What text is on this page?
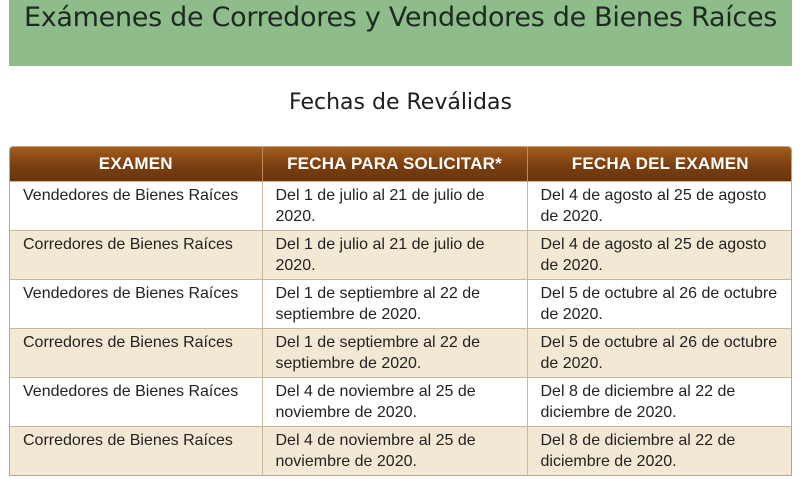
Exámenes de Corredores y Vendedores de Bienes Raíces
Fechas de Reválidas
EXAMEN	FECHA PARA SOLICITAR*	FECHA DEL EXAMEN
Vendedores de Bienes Raíces	Del 1 de julio al 21 de julio de 2020.	Del 4 de agosto al 25 de agosto de 2020.
Corredores de Bienes Raíces	Del 1 de julio al 21 de julio de 2020.	Del 4 de agosto al 25 de agosto de 2020.
Vendedores de Bienes Raíces	Del 1 de septiembre al 22 de septiembre de 2020.	Del 5 de octubre al 26 de octubre de 2020.
Corredores de Bienes Raíces	Del 1 de septiembre al 22 de septiembre de 2020.	Del 5 de octubre al 26 de octubre de 2020.
Vendedores de Bienes Raíces	Del 4 de noviembre al 25 de noviembre de 2020.	Del 8 de diciembre al 22 de diciembre de 2020.
Corredores de Bienes Raíces	Del 4 de noviembre al 25 de noviembre de 2020.	Del 8 de diciembre al 22 de diciembre de 2020.
